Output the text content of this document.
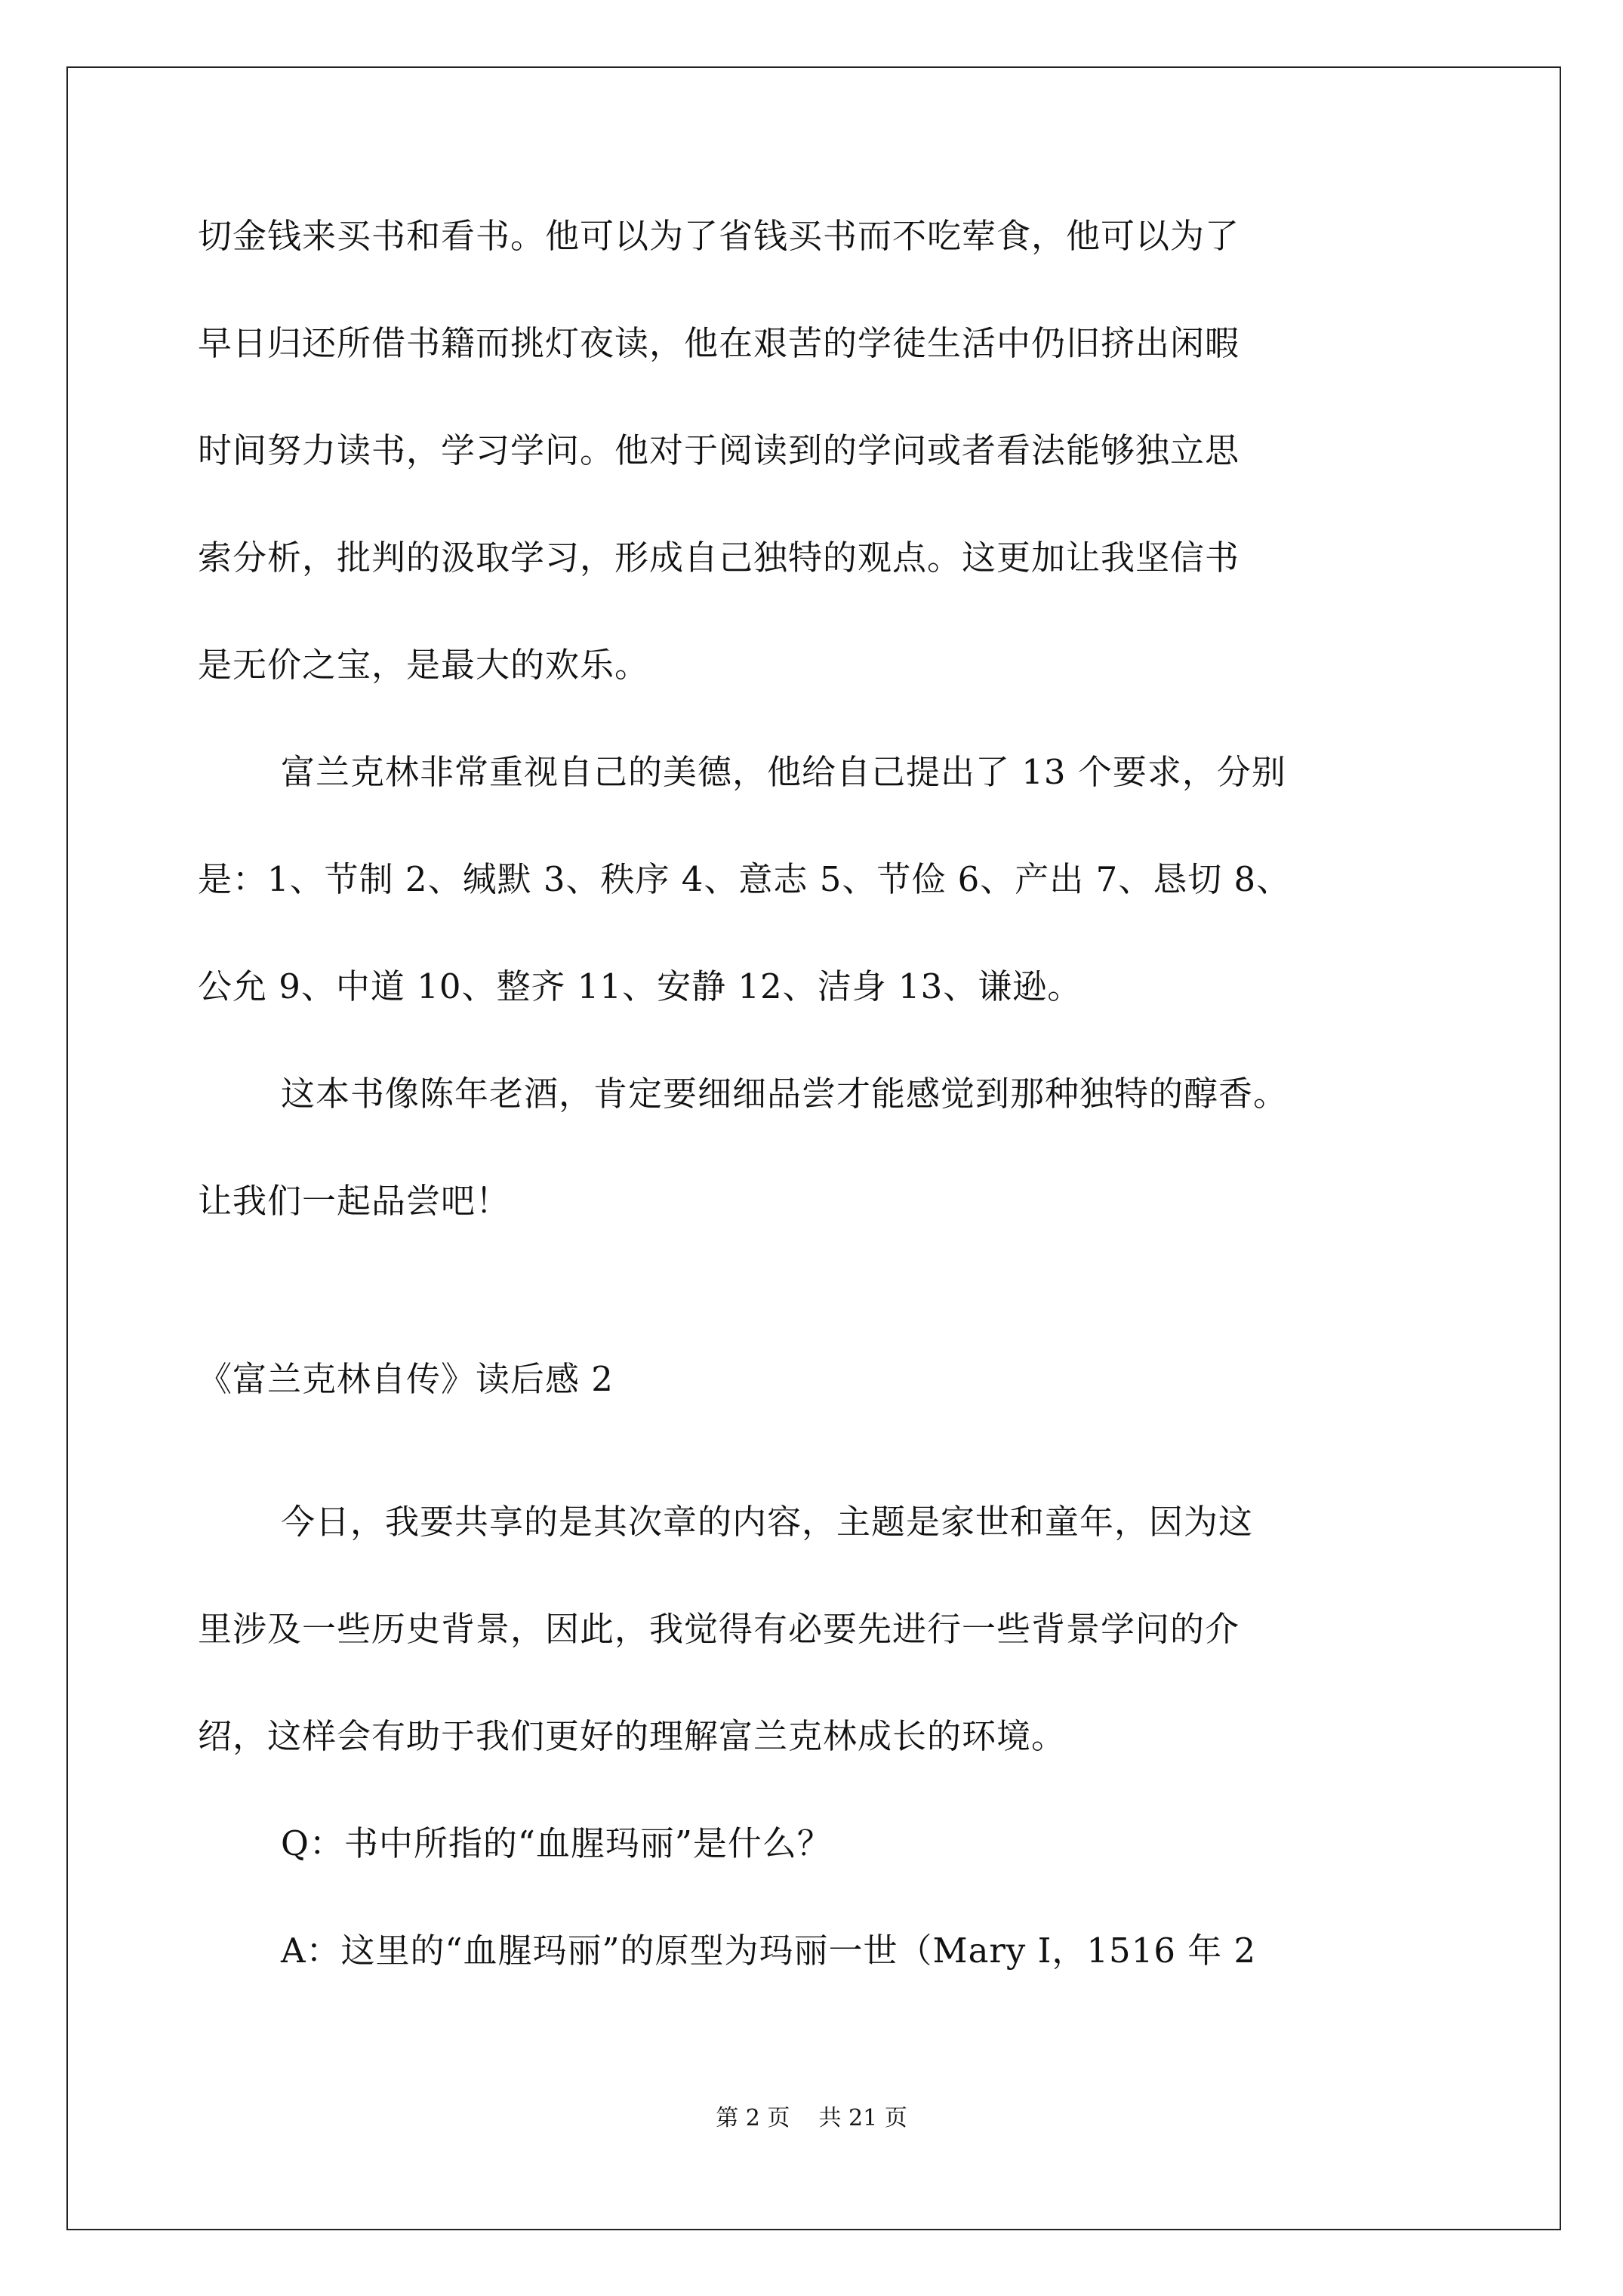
切金钱来买书和看书。他可以为了省钱买书而不吃荤食，他可以为了
早日归还所借书籍而挑灯夜读，他在艰苦的学徒生活中仍旧挤出闲暇
时间努力读书，学习学问。他对于阅读到的学问或者看法能够独立思
索分析，批判的汲取学习，形成自己独特的观点。这更加让我坚信书
是无价之宝，是最大的欢乐。
富兰克林非常重视自己的美德，他给自己提出了 13 个要求，分别
是：1、节制 2、缄默 3、秩序 4、意志 5、节俭 6、产出 7、恳切 8、
公允 9、中道 10、整齐 11、安静 12、洁身 13、谦逊。
这本书像陈年老酒，肯定要细细品尝才能感觉到那种独特的醇香。
让我们一起品尝吧！
《富兰克林自传》读后感 2
今日，我要共享的是其次章的内容，主题是家世和童年，因为这
里涉及一些历史背景，因此，我觉得有必要先进行一些背景学问的介
绍，这样会有助于我们更好的理解富兰克林成长的环境。
Q：书中所指的“血腥玛丽”是什么？
A：这里的“血腥玛丽”的原型为玛丽一世（Mary I，1516 年 2
第 2 页    共 21 页
